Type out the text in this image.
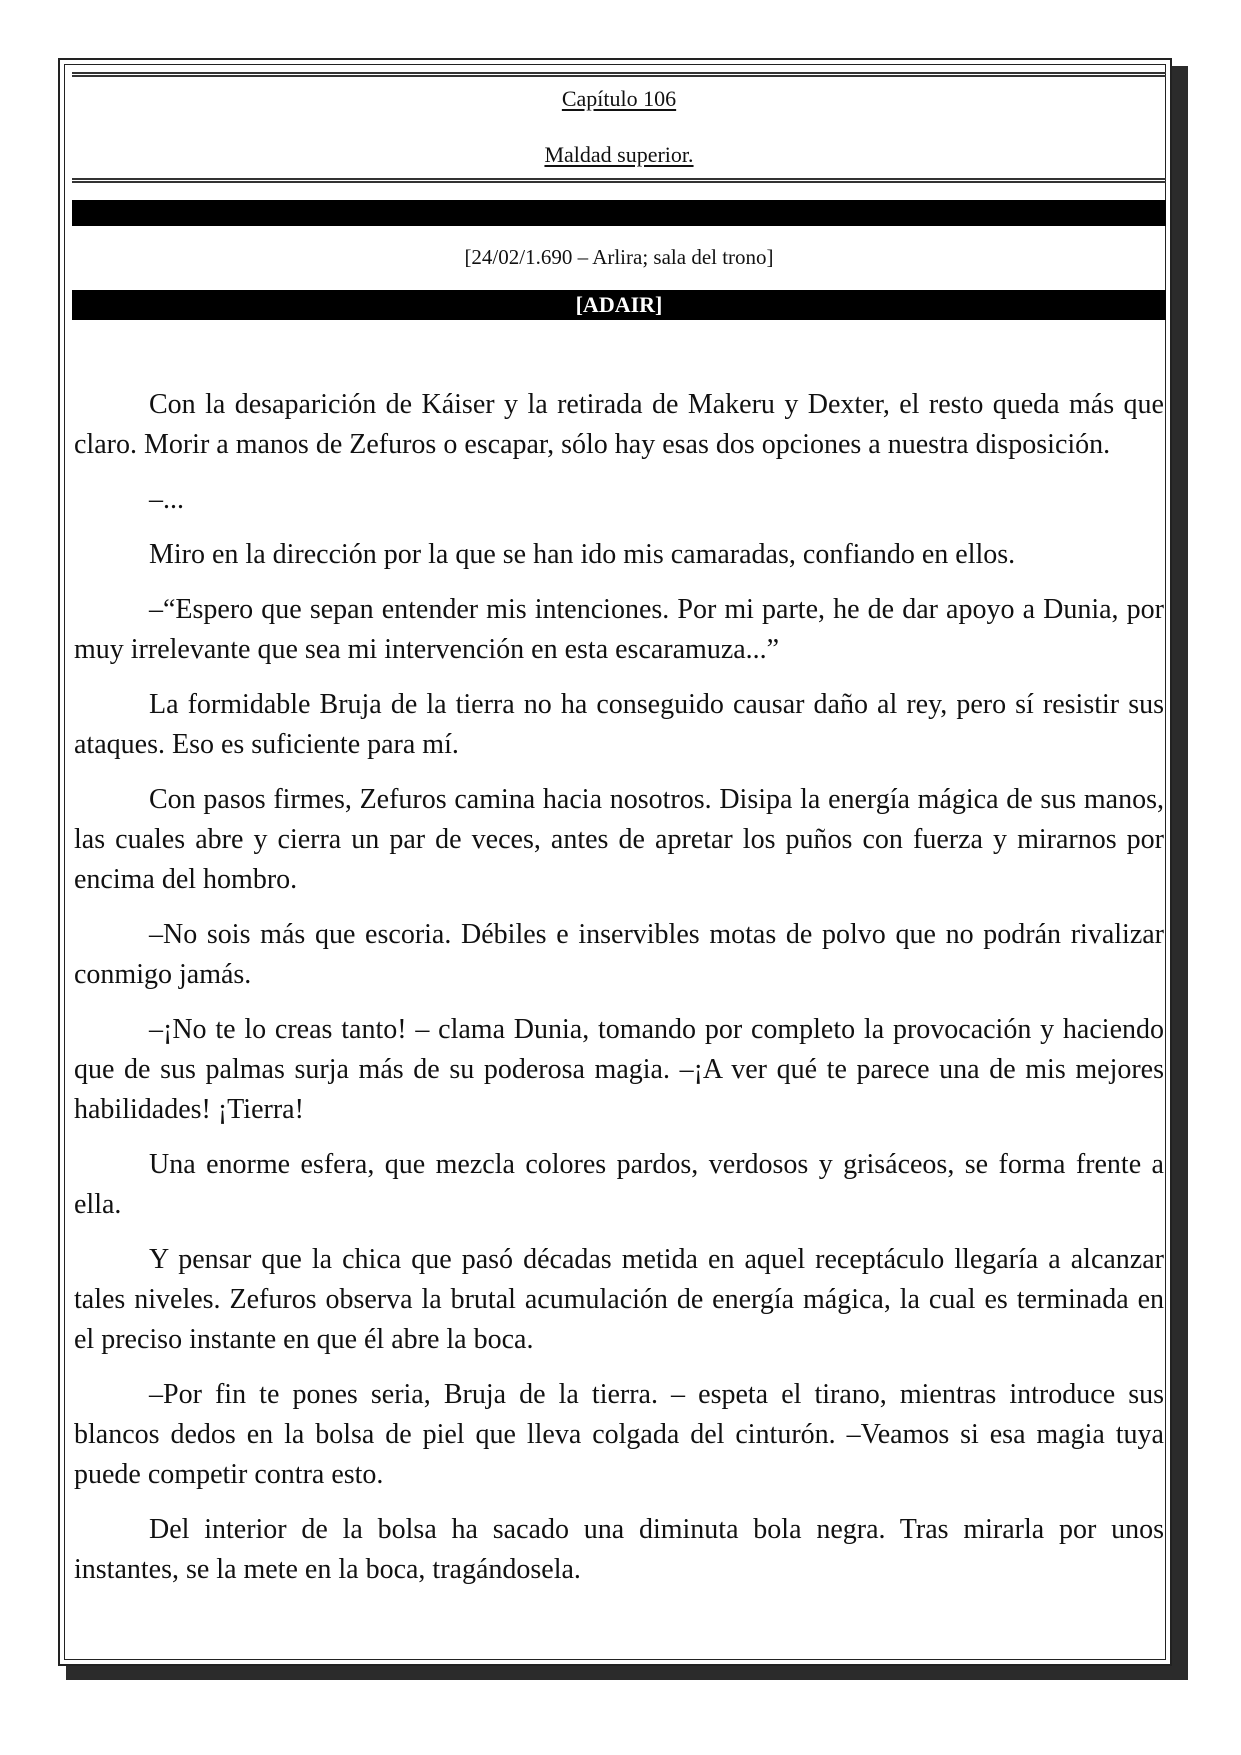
Capítulo 106
Maldad superior.
[24/02/1.690 – Arlira; sala del trono]
[ADAIR]

Con la desaparición de Káiser y la retirada de Makeru y Dexter, el resto queda más que claro. Morir a manos de Zefuros o escapar, sólo hay esas dos opciones a nuestra disposición.

–...

Miro en la dirección por la que se han ido mis camaradas, confiando en ellos.

–“Espero que sepan entender mis intenciones. Por mi parte, he de dar apoyo a Dunia, por muy irrelevante que sea mi intervención en esta escaramuza...”

La formidable Bruja de la tierra no ha conseguido causar daño al rey, pero sí resistir sus ataques. Eso es suficiente para mí.

Con pasos firmes, Zefuros camina hacia nosotros. Disipa la energía mágica de sus manos, las cuales abre y cierra un par de veces, antes de apretar los puños con fuerza y mirarnos por encima del hombro.

–No sois más que escoria. Débiles e inservibles motas de polvo que no podrán rivalizar conmigo jamás.

–¡No te lo creas tanto! – clama Dunia, tomando por completo la provocación y haciendo que de sus palmas surja más de su poderosa magia. –¡A ver qué te parece una de mis mejores habilidades! ¡Tierra!

Una enorme esfera, que mezcla colores pardos, verdosos y grisáceos, se forma frente a ella.

Y pensar que la chica que pasó décadas metida en aquel receptáculo llegaría a alcanzar tales niveles. Zefuros observa la brutal acumulación de energía mágica, la cual es terminada en el preciso instante en que él abre la boca.

–Por fin te pones seria, Bruja de la tierra. – espeta el tirano, mientras introduce sus blancos dedos en la bolsa de piel que lleva colgada del cinturón. –Veamos si esa magia tuya puede competir contra esto.

Del interior de la bolsa ha sacado una diminuta bola negra. Tras mirarla por unos instantes, se la mete en la boca, tragándosela.
